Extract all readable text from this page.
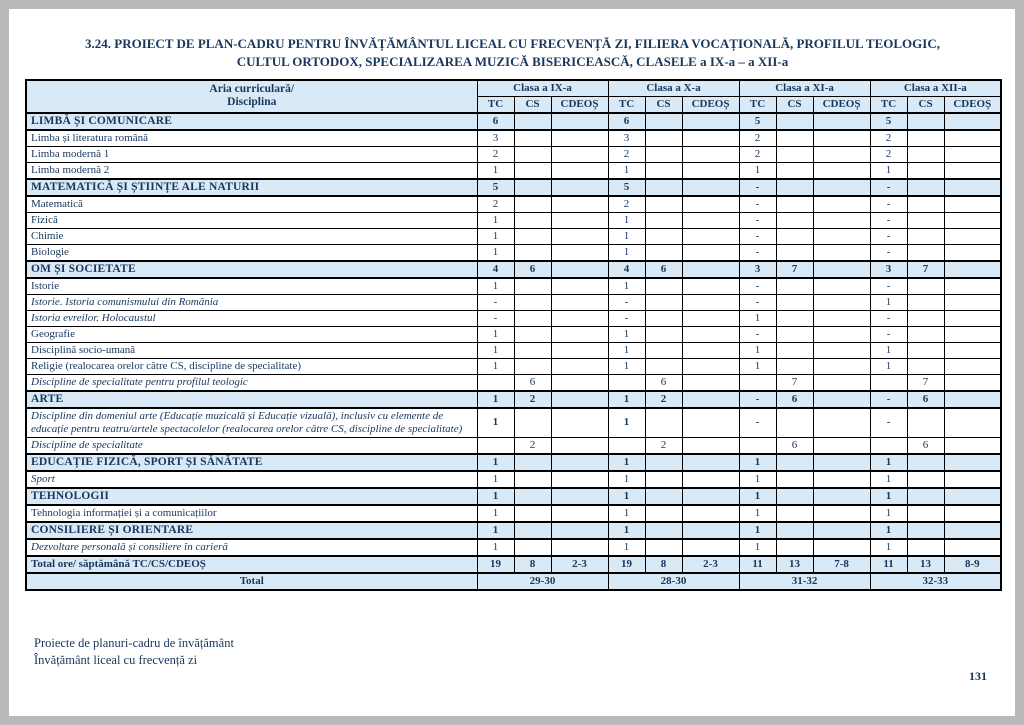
3.24. PROIECT DE PLAN-CADRU PENTRU ÎNVĂȚĂMÂNTUL LICEAL CU FRECVENȚĂ ZI, FILIERA VOCAȚIONALĂ, PROFILUL TEOLOGIC,
CULTUL ORTODOX, SPECIALIZAREA MUZICĂ BISERICEASCĂ, CLASELE a IX-a – a XII-a
Aria curriculară/
Disciplina	Clasa a IX-a			Clasa a X-a			Clasa a XI-a			Clasa a XII-a		
	TC	CS	CDEOȘ	TC	CS	CDEOȘ	TC	CS	CDEOȘ	TC	CS	CDEOȘ
LIMBĂ ȘI COMUNICARE	6			6			5			5		
Limba și literatura română	3			3			2			2		
Limba modernă 1	2			2			2			2		
Limba modernă 2	1			1			1			1		
MATEMATICĂ ȘI ȘTIINȚE ALE NATURII	5			5			-			-		
Matematică	2			2			-			-		
Fizică	1			1			-			-		
Chimie	1			1			-			-		
Biologie	1			1			-			-		
OM ȘI SOCIETATE	4	6		4	6		3	7		3	7	
Istorie	1			1			-			-		
Istorie. Istoria comunismului din România	-			-			-			1		
Istoria evreilor. Holocaustul	-			-			1			-		
Geografie	1			1			-			-		
Disciplină socio-umană	1			1			1			1		
Religie (realocarea orelor către CS, discipline de specialitate)	1			1			1			1		
Discipline de specialitate pentru profilul teologic		6			6			7			7	
ARTE	1	2		1	2		-	6		-	6	
Discipline din domeniul arte (Educație muzicală și Educație vizuală), inclusiv cu elemente de educație pentru teatru/artele spectacolelor (realocarea orelor către CS, discipline de specialitate)	1			1			-			-		
Discipline de specialitate		2			2			6			6	
EDUCAȚIE FIZICĂ, SPORT ȘI SĂNĂTATE	1			1			1			1		
Sport	1			1			1			1		
TEHNOLOGII	1			1			1			1		
Tehnologia informației și a comunicațiilor	1			1			1			1		
CONSILIERE ȘI ORIENTARE	1			1			1			1		
Dezvoltare personală și consiliere în carieră	1			1			1			1		
Total ore/ săptămână TC/CS/CDEOȘ	19	8	2-3	19	8	2-3	11	13	7-8	11	13	8-9
Total	29-30			28-30			31-32			32-33		
Proiecte de planuri-cadru de învățământ
Învățământ liceal cu frecvență zi
131
